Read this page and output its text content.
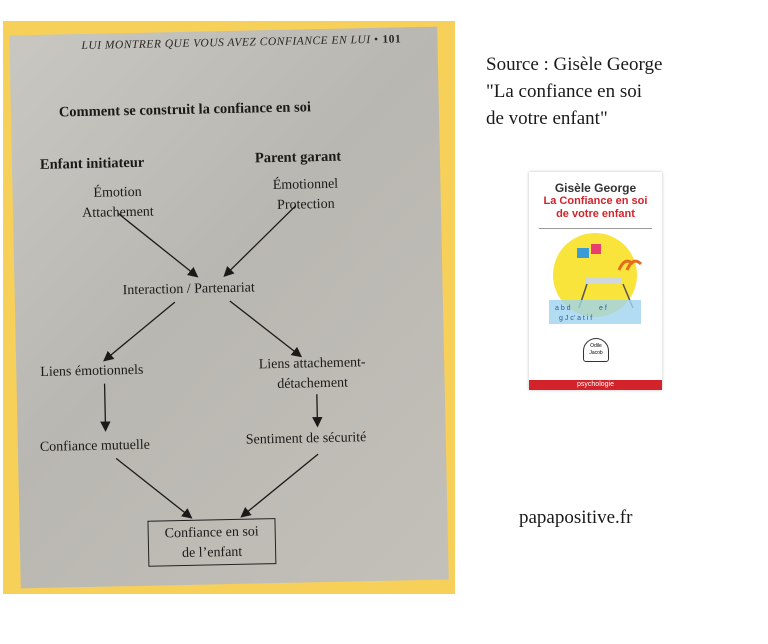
LUI MONTRER QUE VOUS AVEZ CONFIANCE EN LUI • 101
Comment se construit la confiance en soi
Enfant initiateur	Parent garant
Émotion
Attachement
Émotionnel
Protection
Interaction / Partenariat
Liens émotionnels	Liens attachement-
détachement
Confiance mutuelle	Sentiment de sécurité
Confiance en soi
de l’enfant
Source : Gisèle George
"La confiance en soi
de votre enfant"
Gisèle George
La Confiance en soi
de votre enfant
a b d	e f
g J c' a t i f
Odile Jacob
psychologie
papapositive.fr
